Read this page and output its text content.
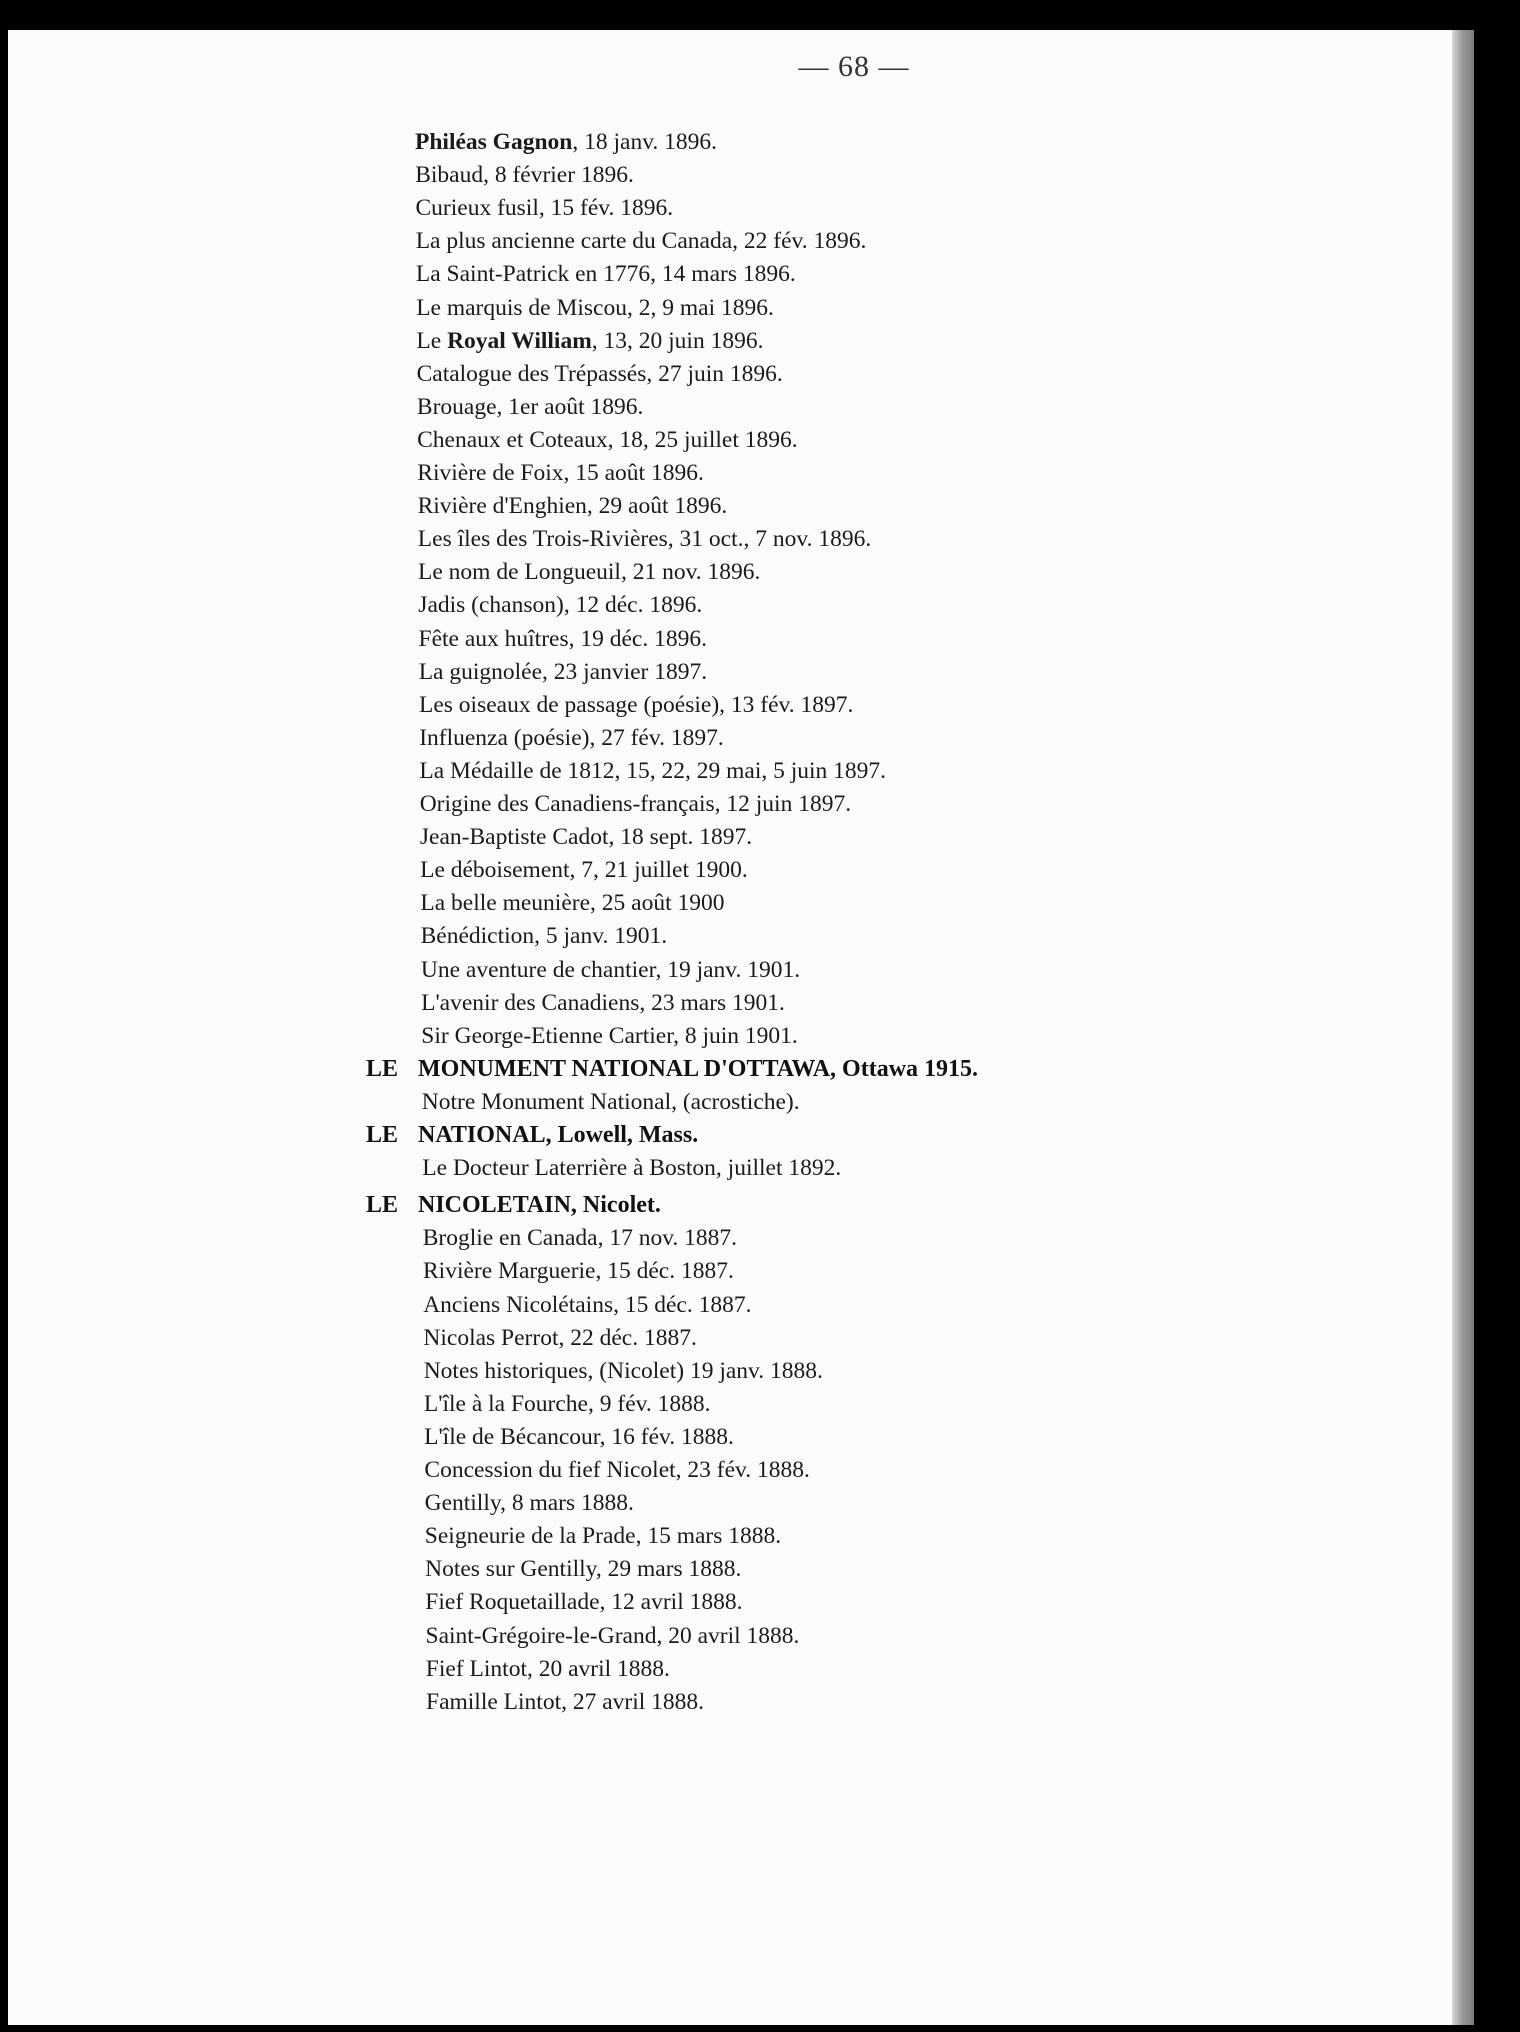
— 68 —
Philéas Gagnon, 18 janv. 1896.
Bibaud, 8 février 1896.
Curieux fusil, 15 fév. 1896.
La plus ancienne carte du Canada, 22 fév. 1896.
La Saint-Patrick en 1776, 14 mars 1896.
Le marquis de Miscou, 2, 9 mai 1896.
Le Royal William, 13, 20 juin 1896.
Catalogue des Trépassés, 27 juin 1896.
Brouage, 1er août 1896.
Chenaux et Coteaux, 18, 25 juillet 1896.
Rivière de Foix, 15 août 1896.
Rivière d'Enghien, 29 août 1896.
Les îles des Trois-Rivières, 31 oct., 7 nov. 1896.
Le nom de Longueuil, 21 nov. 1896.
Jadis (chanson), 12 déc. 1896.
Fête aux huîtres, 19 déc. 1896.
La guignolée, 23 janvier 1897.
Les oiseaux de passage (poésie), 13 fév. 1897.
Influenza (poésie), 27 fév. 1897.
La Médaille de 1812, 15, 22, 29 mai, 5 juin 1897.
Origine des Canadiens-français, 12 juin 1897.
Jean-Baptiste Cadot, 18 sept. 1897.
Le déboisement, 7, 21 juillet 1900.
La belle meunière, 25 août 1900
Bénédiction, 5 janv. 1901.
Une aventure de chantier, 19 janv. 1901.
L'avenir des Canadiens, 23 mars 1901.
Sir George-Etienne Cartier, 8 juin 1901.
LE MONUMENT NATIONAL D'OTTAWA, Ottawa 1915.
Notre Monument National, (acrostiche).
LE NATIONAL, Lowell, Mass.
Le Docteur Laterrière à Boston, juillet 1892.
LE NICOLETAIN, Nicolet.
Broglie en Canada, 17 nov. 1887.
Rivière Marguerie, 15 déc. 1887.
Anciens Nicolétains, 15 déc. 1887.
Nicolas Perrot, 22 déc. 1887.
Notes historiques, (Nicolet) 19 janv. 1888.
L'île à la Fourche, 9 fév. 1888.
L'île de Bécancour, 16 fév. 1888.
Concession du fief Nicolet, 23 fév. 1888.
Gentilly, 8 mars 1888.
Seigneurie de la Prade, 15 mars 1888.
Notes sur Gentilly, 29 mars 1888.
Fief Roquetaillade, 12 avril 1888.
Saint-Grégoire-le-Grand, 20 avril 1888.
Fief Lintot, 20 avril 1888.
Famille Lintot, 27 avril 1888.
